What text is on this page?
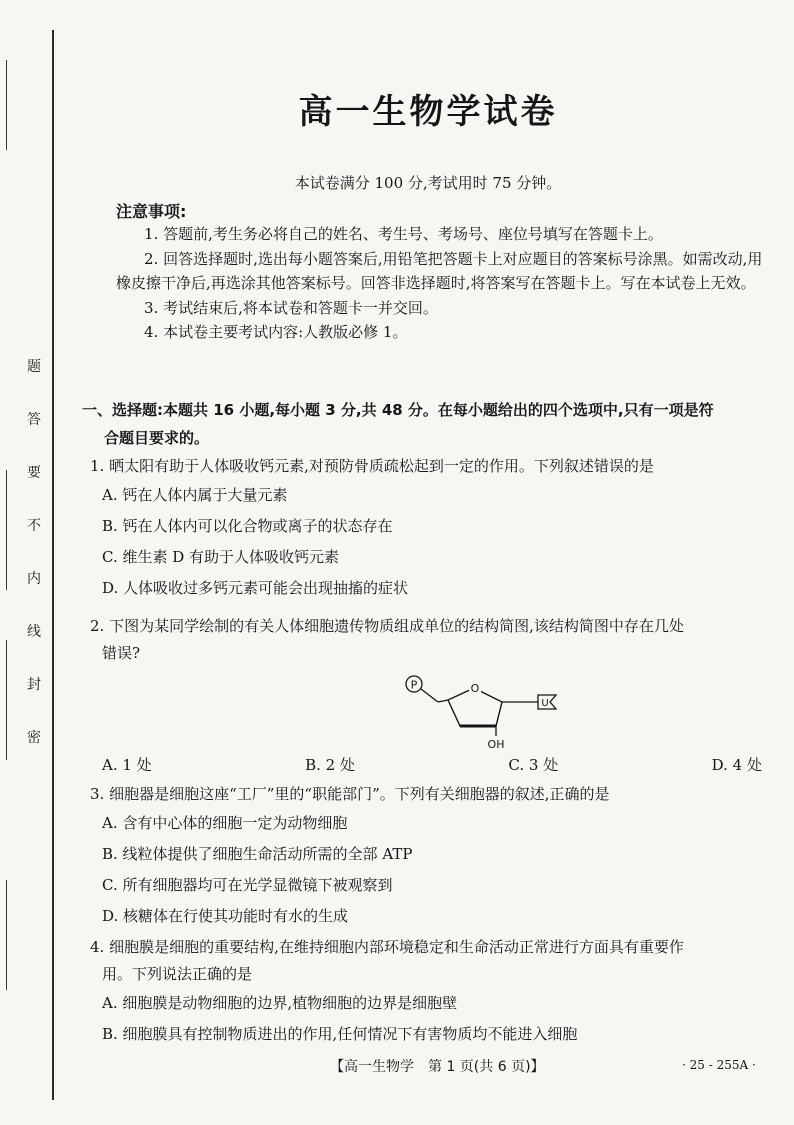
题
答
要
不
内
线
封
密
高一生物学试卷
本试卷满分 100 分,考试用时 75 分钟。
注意事项:

1. 答题前,考生务必将自己的姓名、考生号、考场号、座位号填写在答题卡上。

2. 回答选择题时,选出每小题答案后,用铅笔把答题卡上对应题目的答案标号涂黑。如需改动,用橡皮擦干净后,再选涂其他答案标号。回答非选择题时,将答案写在答题卡上。写在本试卷上无效。

3. 考试结束后,将本试卷和答题卡一并交回。

4. 本试卷主要考试内容:人教版必修 1。

一、选择题:本题共 16 小题,每小题 3 分,共 48 分。在每小题给出的四个选项中,只有一项是符
合题目要求的。
1. 晒太阳有助于人体吸收钙元素,对预防骨质疏松起到一定的作用。下列叙述错误的是
A. 钙在人体内属于大量元素
B. 钙在人体内可以化合物或离子的状态存在
C. 维生素 D 有助于人体吸收钙元素
D. 人体吸收过多钙元素可能会出现抽搐的症状
2. 下图为某同学绘制的有关人体细胞遗传物质组成单位的结构简图,该结构简图中存在几处
错误?
P	O
OH
U
A. 1 处	B. 2 处	C. 3 处	D. 4 处
3. 细胞器是细胞这座“工厂”里的“职能部门”。下列有关细胞器的叙述,正确的是
A. 含有中心体的细胞一定为动物细胞
B. 线粒体提供了细胞生命活动所需的全部 ATP
C. 所有细胞器均可在光学显微镜下被观察到
D. 核糖体在行使其功能时有水的生成
4. 细胞膜是细胞的重要结构,在维持细胞内部环境稳定和生命活动正常进行方面具有重要作
用。下列说法正确的是
A. 细胞膜是动物细胞的边界,植物细胞的边界是细胞壁
B. 细胞膜具有控制物质进出的作用,任何情况下有害物质均不能进入细胞
【高一生物学　第 1 页(共 6 页)】	· 25 - 255A ·
